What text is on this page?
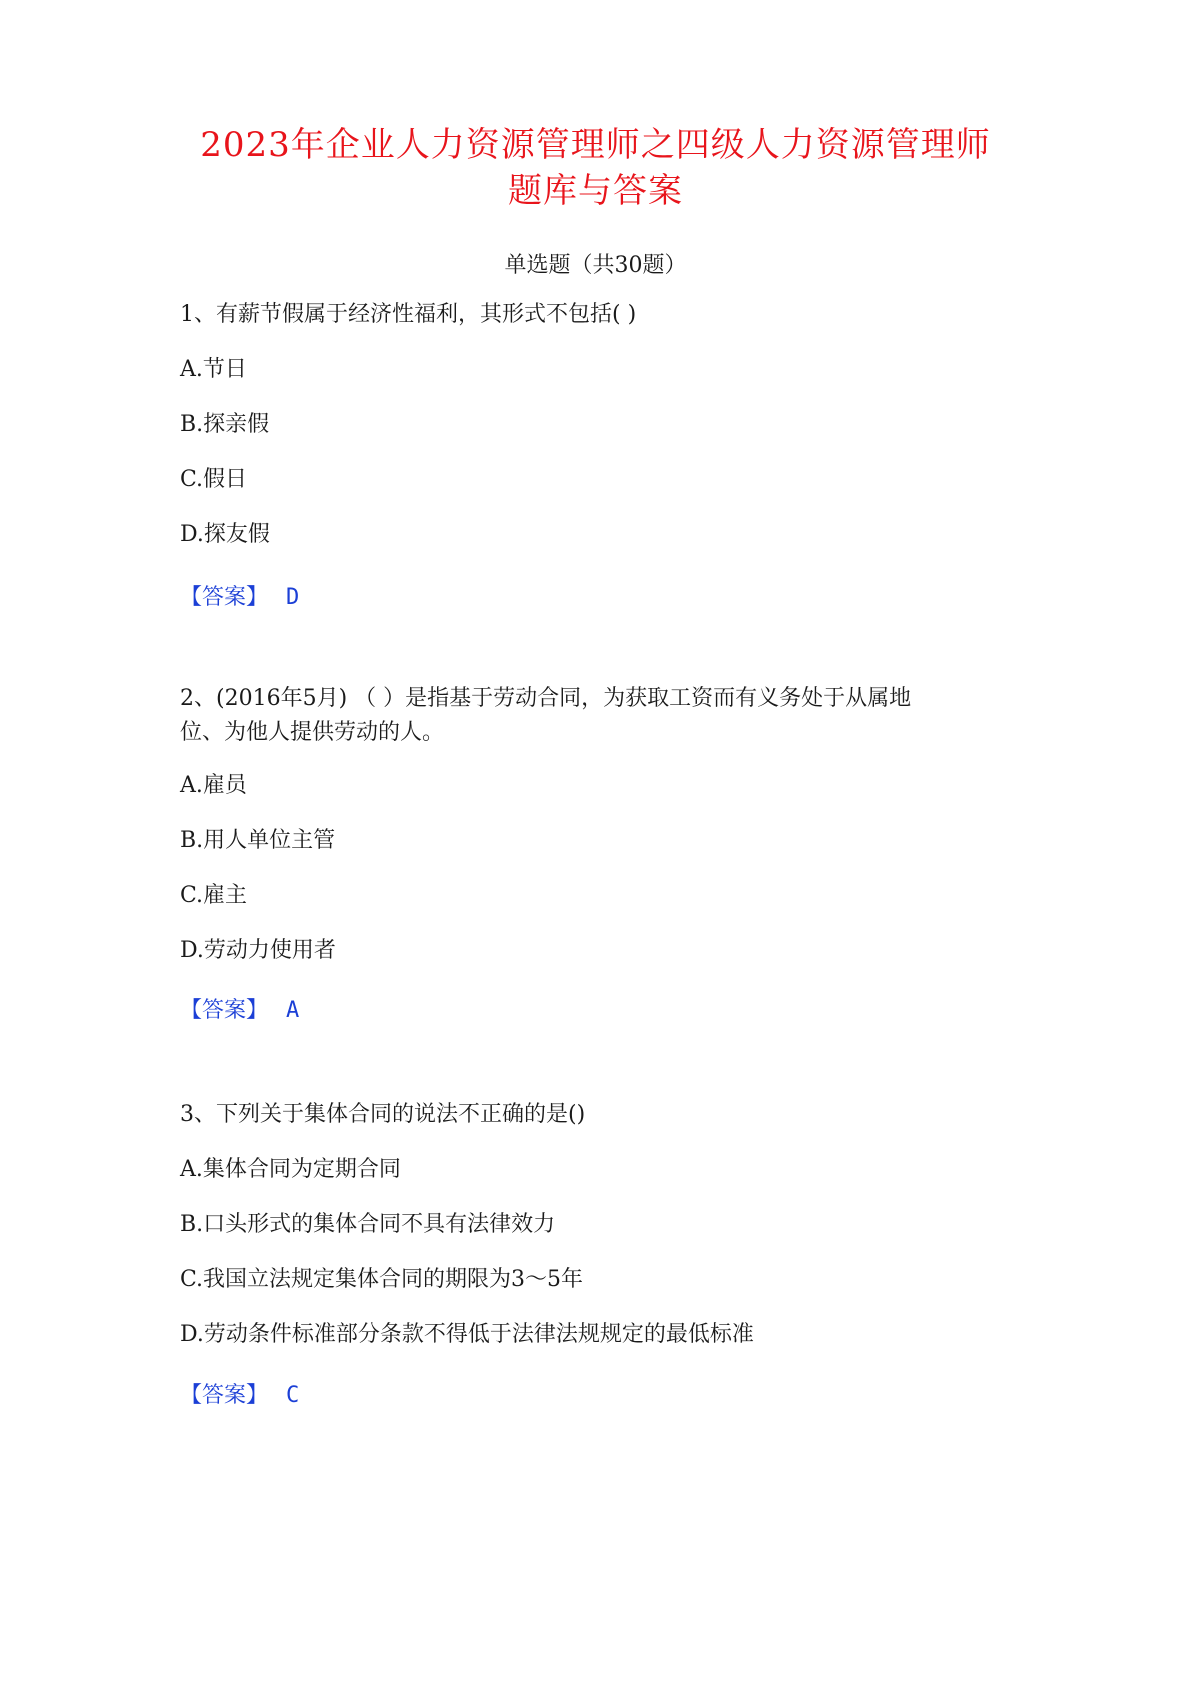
2023年企业人力资源管理师之四级人力资源管理师
题库与答案
单选题（共30题）
1、有薪节假属于经济性福利，其形式不包括( )
A.节日
B.探亲假
C.假日
D.探友假
【答案】 D
2、(2016年5月) （ ）是指基于劳动合同，为获取工资而有义务处于从属地
位、为他人提供劳动的人。
A.雇员
B.用人单位主管
C.雇主
D.劳动力使用者
【答案】 A
3、下列关于集体合同的说法不正确的是()
A.集体合同为定期合同
B.口头形式的集体合同不具有法律效力
C.我国立法规定集体合同的期限为3～5年
D.劳动条件标准部分条款不得低于法律法规规定的最低标准
【答案】 C
